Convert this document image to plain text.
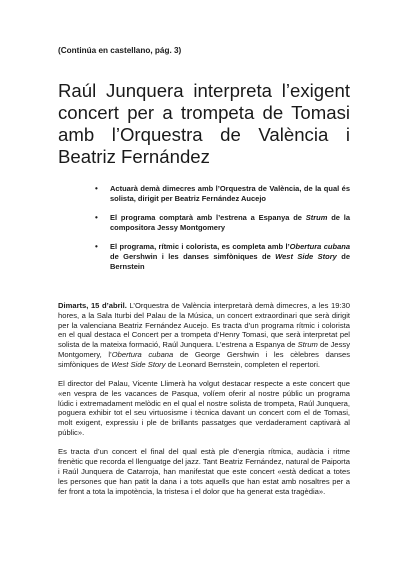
(Continúa en castellano, pág. 3)
Raúl Junquera interpreta l’exigent concert per a trompeta de Tomasi amb l’Orquestra de València i Beatriz Fernández
• Actuarà demà dimecres amb l’Orquestra de València, de la qual és solista, dirigit per Beatriz Fernández Aucejo
• El programa comptarà amb l’estrena a Espanya de Strum de la compositora Jessy Montgomery
• El programa, rítmic i colorista, es completa amb l’Obertura cubana de Gershwin i les danses simfòniques de West Side Story de Bernstein

Dimarts, 15 d’abril. L’Orquestra de València interpretarà demà dimecres, a les 19:30 hores, a la Sala Iturbi del Palau de la Música, un concert extraordinari que serà dirigit per la valenciana Beatriz Fernández Aucejo. Es tracta d’un programa rítmic i colorista en el qual destaca el Concert per a trompeta d’Henry Tomasi, que serà interpretat pel solista de la mateixa formació, Raúl Junquera. L’estrena a Espanya de Strum de Jessy Montgomery, l’Obertura cubana de George Gershwin i les cèlebres danses simfòniques de West Side Story de Leonard Bernstein, completen el repertori.

El director del Palau, Vicente Llimerà ha volgut destacar respecte a este concert que «en vespra de les vacances de Pasqua, volíem oferir al nostre públic un programa lúdic i extremadament melòdic en el qual el nostre solista de trompeta, Raúl Junquera, poguera exhibir tot el seu virtuosisme i tècnica davant un concert com el de Tomasi, molt exigent, expressiu i ple de brillants passatges que verdaderament captivarà al públic».

Es tracta d’un concert el final del qual està ple d’energia rítmica, audàcia i ritme frenètic que recorda el llenguatge del jazz. Tant Beatriz Fernández, natural de Paiporta i Raúl Junquera de Catarroja, han manifestat que este concert «està dedicat a totes les persones que han patit la dana i a tots aquells que han estat amb nosaltres per a fer front a tota la impotència, la tristesa i el dolor que ha generat esta tragèdia».
